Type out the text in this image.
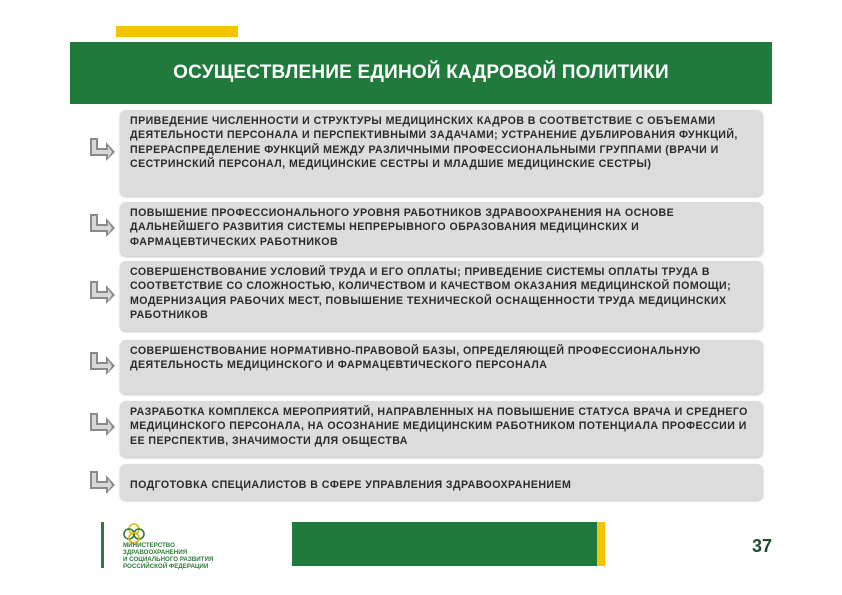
ОСУЩЕСТВЛЕНИЕ ЕДИНОЙ КАДРОВОЙ ПОЛИТИКИ
ПРИВЕДЕНИЕ ЧИСЛЕННОСТИ И СТРУКТУРЫ МЕДИЦИНСКИХ КАДРОВ В СООТВЕТСТВИЕ С ОБЪЕМАМИ ДЕЯТЕЛЬНОСТИ ПЕРСОНАЛА И ПЕРСПЕКТИВНЫМИ ЗАДАЧАМИ; УСТРАНЕНИЕ ДУБЛИРОВАНИЯ ФУНКЦИЙ, ПЕРЕРАСПРЕДЕЛЕНИЕ ФУНКЦИЙ МЕЖДУ РАЗЛИЧНЫМИ ПРОФЕССИОНАЛЬНЫМИ ГРУППАМИ (ВРАЧИ И СЕСТРИНСКИЙ ПЕРСОНАЛ, МЕДИЦИНСКИЕ СЕСТРЫ И МЛАДШИЕ МЕДИЦИНСКИЕ СЕСТРЫ)
ПОВЫШЕНИЕ ПРОФЕССИОНАЛЬНОГО УРОВНЯ РАБОТНИКОВ ЗДРАВООХРАНЕНИЯ НА ОСНОВЕ ДАЛЬНЕЙШЕГО РАЗВИТИЯ СИСТЕМЫ НЕПРЕРЫВНОГО ОБРАЗОВАНИЯ МЕДИЦИНСКИХ И ФАРМАЦЕВТИЧЕСКИХ РАБОТНИКОВ
СОВЕРШЕНСТВОВАНИЕ УСЛОВИЙ ТРУДА И ЕГО ОПЛАТЫ; ПРИВЕДЕНИЕ СИСТЕМЫ ОПЛАТЫ ТРУДА В СООТВЕТСТВИЕ СО СЛОЖНОСТЬЮ, КОЛИЧЕСТВОМ И КАЧЕСТВОМ ОКАЗАНИЯ МЕДИЦИНСКОЙ ПОМОЩИ; МОДЕРНИЗАЦИЯ РАБОЧИХ МЕСТ, ПОВЫШЕНИЕ ТЕХНИЧЕСКОЙ ОСНАЩЕННОСТИ ТРУДА МЕДИЦИНСКИХ РАБОТНИКОВ
СОВЕРШЕНСТВОВАНИЕ НОРМАТИВНО-ПРАВОВОЙ БАЗЫ, ОПРЕДЕЛЯЮЩЕЙ ПРОФЕССИОНАЛЬНУЮ ДЕЯТЕЛЬНОСТЬ МЕДИЦИНСКОГО И ФАРМАЦЕВТИЧЕСКОГО ПЕРСОНАЛА
РАЗРАБОТКА КОМПЛЕКСА МЕРОПРИЯТИЙ, НАПРАВЛЕННЫХ НА ПОВЫШЕНИЕ СТАТУСА ВРАЧА И СРЕДНЕГО МЕДИЦИНСКОГО ПЕРСОНАЛА, НА ОСОЗНАНИЕ МЕДИЦИНСКИМ РАБОТНИКОМ ПОТЕНЦИАЛА ПРОФЕССИИ И ЕЕ ПЕРСПЕКТИВ, ЗНАЧИМОСТИ ДЛЯ ОБЩЕСТВА
ПОДГОТОВКА СПЕЦИАЛИСТОВ В СФЕРЕ УПРАВЛЕНИЯ ЗДРАВООХРАНЕНИЕМ
МИНИСТЕРСТВО
ЗДРАВООХРАНЕНИЯ
И СОЦИАЛЬНОГО РАЗВИТИЯ
РОССИЙСКОЙ ФЕДЕРАЦИИ
37
